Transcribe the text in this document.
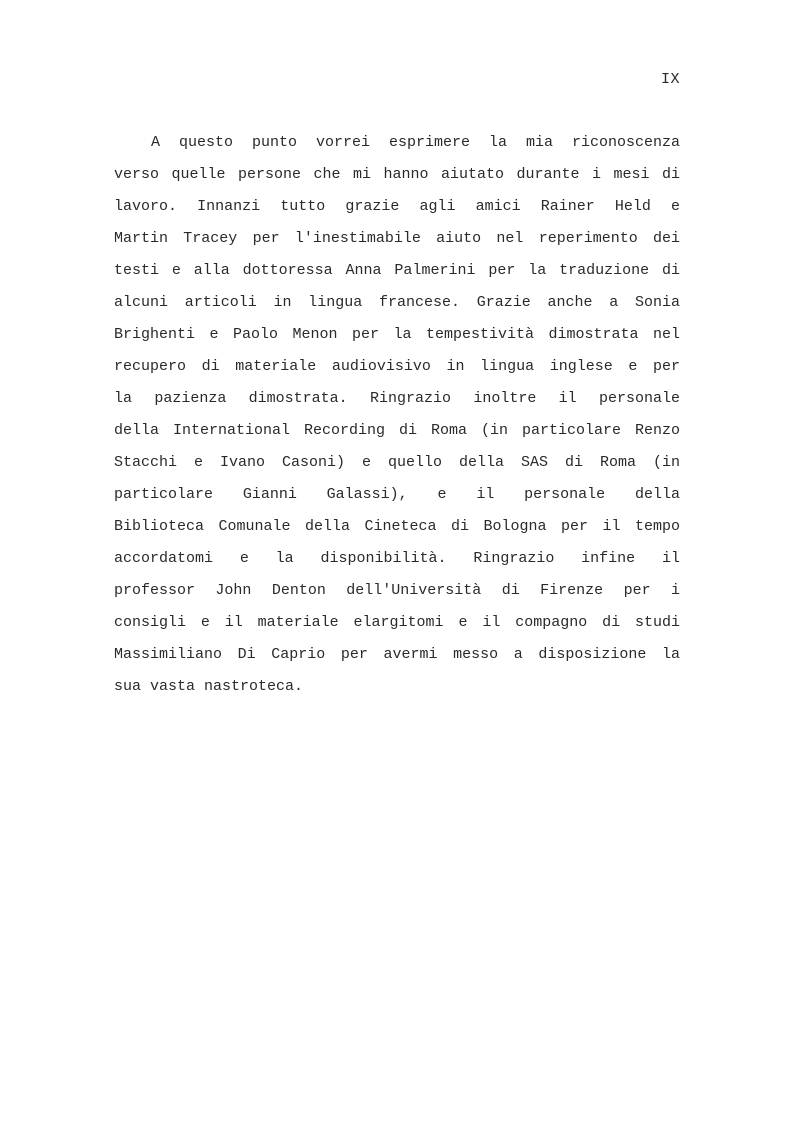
IX
A questo punto vorrei esprimere la mia riconoscenza
verso quelle persone che mi hanno aiutato durante i mesi di
lavoro. Innanzi tutto grazie agli amici Rainer Held e
Martin Tracey per l'inestimabile aiuto nel reperimento dei
testi e alla dottoressa Anna Palmerini per la traduzione di
alcuni articoli in lingua francese. Grazie anche a Sonia
Brighenti e Paolo Menon per la tempestività dimostrata nel
recupero di materiale audiovisivo in lingua inglese e per
la pazienza dimostrata. Ringrazio inoltre il personale
della International Recording di Roma (in particolare Renzo
Stacchi e Ivano Casoni) e quello della SAS di Roma (in
particolare Gianni Galassi), e il personale della
Biblioteca Comunale della Cineteca di Bologna per il tempo
accordatomi e la disponibilità. Ringrazio infine il
professor John Denton dell'Università di Firenze per i
consigli e il materiale elargitomi e il compagno di studi
Massimiliano Di Caprio per avermi messo a disposizione la
sua vasta nastroteca.
